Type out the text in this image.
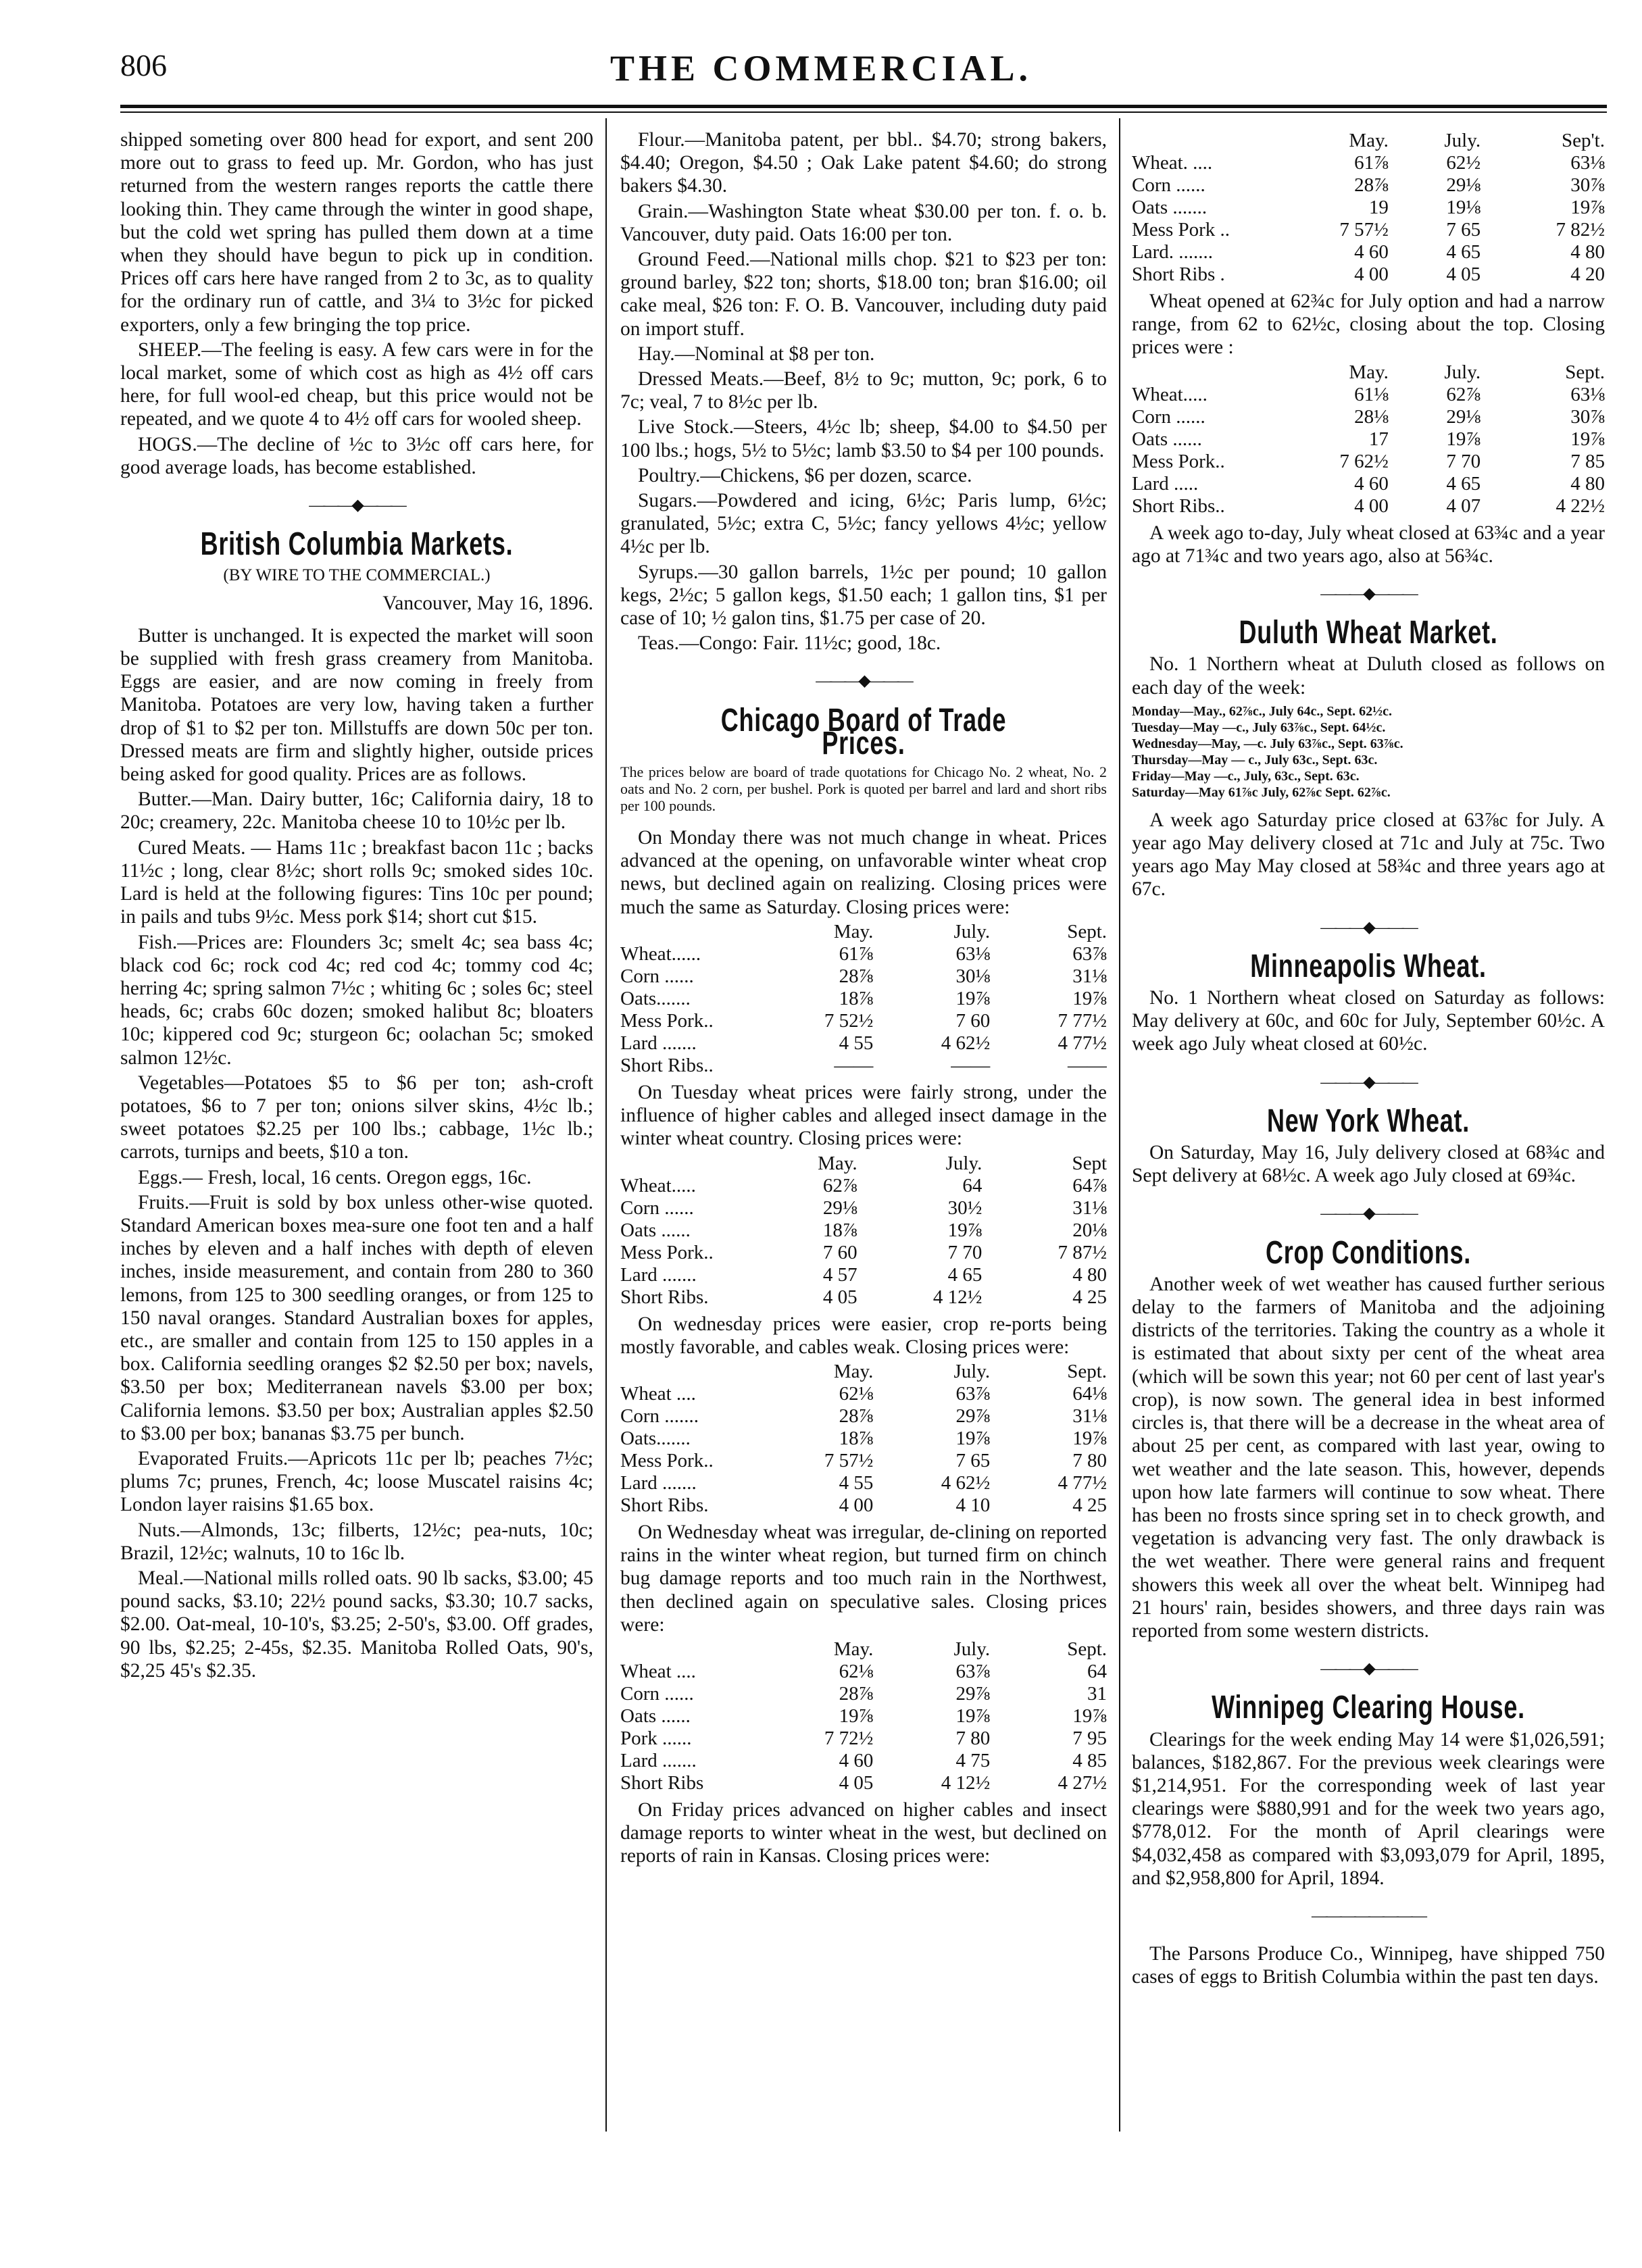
806	THE COMMERCIAL.

shipped someting over 800 head for export, and sent 200 more out to grass to feed up. Mr. Gordon, who has just returned from the western ranges reports the cattle there looking thin. They came through the winter in good shape, but the cold wet spring has pulled them down at a time when they should have begun to pick up in condition. Prices off cars here have ranged from 2 to 3c, as to quality for the ordinary run of cattle, and 3¼ to 3½c for picked exporters, only a few bringing the top price.

SHEEP.—The feeling is easy. A few cars were in for the local market, some of which cost as high as 4½ off cars here, for full wool-ed cheap, but this price would not be repeated, and we quote 4 to 4½ off cars for wooled sheep.

HOGS.—The decline of ½c to 3½c off cars here, for good average loads, has become established.

———◆———
British Columbia Markets.

(BY WIRE TO THE COMMERCIAL.)

Vancouver, May 16, 1896.

Butter is unchanged. It is expected the market will soon be supplied with fresh grass creamery from Manitoba. Eggs are easier, and are now coming in freely from Manitoba. Potatoes are very low, having taken a further drop of $1 to $2 per ton. Millstuffs are down 50c per ton. Dressed meats are firm and slightly higher, outside prices being asked for good quality. Prices are as follows.

Butter.—Man. Dairy butter, 16c; California dairy, 18 to 20c; creamery, 22c. Manitoba cheese 10 to 10½c per lb.

Cured Meats. — Hams 11c ; breakfast bacon 11c ; backs 11½c ; long, clear 8½c; short rolls 9c; smoked sides 10c. Lard is held at the following figures: Tins 10c per pound; in pails and tubs 9½c. Mess pork $14; short cut $15.

Fish.—Prices are: Flounders 3c; smelt 4c; sea bass 4c; black cod 6c; rock cod 4c; red cod 4c; tommy cod 4c; herring 4c; spring salmon 7½c ; whiting 6c ; soles 6c; steel heads, 6c; crabs 60c dozen; smoked halibut 8c; bloaters 10c; kippered cod 9c; sturgeon 6c; oolachan 5c; smoked salmon 12½c.

Vegetables—Potatoes $5 to $6 per ton; ash-croft potatoes, $6 to 7 per ton; onions silver skins, 4½c lb.; sweet potatoes $2.25 per 100 lbs.; cabbage, 1½c lb.; carrots, turnips and beets, $10 a ton.

Eggs.— Fresh, local, 16 cents. Oregon eggs, 16c.

Fruits.—Fruit is sold by box unless other-wise quoted. Standard American boxes mea-sure one foot ten and a half inches by eleven and a half inches with depth of eleven inches, inside measurement, and contain from 280 to 360 lemons, from 125 to 300 seedling oranges, or from 125 to 150 naval oranges. Standard Australian boxes for apples, etc., are smaller and contain from 125 to 150 apples in a box. California seedling oranges $2 $2.50 per box; navels, $3.50 per box; Mediterranean navels $3.00 per box; California lemons. $3.50 per box; Australian apples $2.50 to $3.00 per box; bananas $3.75 per bunch.

Evaporated Fruits.—Apricots 11c per lb; peaches 7½c; plums 7c; prunes, French, 4c; loose Muscatel raisins 4c; London layer raisins $1.65 box.

Nuts.—Almonds, 13c; filberts, 12½c; pea-nuts, 10c; Brazil, 12½c; walnuts, 10 to 16c lb.

Meal.—National mills rolled oats. 90 lb sacks, $3.00; 45 pound sacks, $3.10; 22½ pound sacks, $3.30; 10.7 sacks, $2.00. Oat-meal, 10-10's, $3.25; 2-50's, $3.00. Off grades, 90 lbs, $2.25; 2-45s, $2.35. Manitoba Rolled Oats, 90's, $2,25 45's $2.35.

Flour.—Manitoba patent, per bbl.. $4.70; strong bakers, $4.40; Oregon, $4.50 ; Oak Lake patent $4.60; do strong bakers $4.30.

Grain.—Washington State wheat $30.00 per ton. f. o. b. Vancouver, duty paid. Oats 16:00 per ton.

Ground Feed.—National mills chop. $21 to $23 per ton: ground barley, $22 ton; shorts, $18.00 ton; bran $16.00; oil cake meal, $26 ton: F. O. B. Vancouver, including duty paid on import stuff.

Hay.—Nominal at $8 per ton.

Dressed Meats.—Beef, 8½ to 9c; mutton, 9c; pork, 6 to 7c; veal, 7 to 8½c per lb.

Live Stock.—Steers, 4½c lb; sheep, $4.00 to $4.50 per 100 lbs.; hogs, 5½ to 5½c; lamb $3.50 to $4 per 100 pounds.

Poultry.—Chickens, $6 per dozen, scarce.

Sugars.—Powdered and icing, 6½c; Paris lump, 6½c; granulated, 5½c; extra C, 5½c; fancy yellows 4½c; yellow 4½c per lb.

Syrups.—30 gallon barrels, 1½c per pound; 10 gallon kegs, 2½c; 5 gallon kegs, $1.50 each; 1 gallon tins, $1 per case of 10; ½ galon tins, $1.75 per case of 20.

Teas.—Congo: Fair. 11½c; good, 18c.

———◆———
Chicago Board of Trade Prices.

The prices below are board of trade quotations for Chicago No. 2 wheat, No. 2 oats and No. 2 corn, per bushel. Pork is quoted per barrel and lard and short ribs per 100 pounds.

On Monday there was not much change in wheat. Prices advanced at the opening, on unfavorable winter wheat crop news, but declined again on realizing. Closing prices were much the same as Saturday. Closing prices were:

	May.	July.	Sept.
Wheat......	61⅞	63⅛	63⅞
Corn ......	28⅞	30⅛	31⅛
Oats.......	18⅞	19⅞	19⅞
Mess Pork..	7 52½	7 60	7 77½
Lard .......	4 55	4 62½	4 77½
Short Ribs..	——	——	——

On Tuesday wheat prices were fairly strong, under the influence of higher cables and alleged insect damage in the winter wheat country. Closing prices were:

	May.	July.	Sept
Wheat.....	62⅞	64	64⅞
Corn ......	29⅛	30½	31⅛
Oats ......	18⅞	19⅞	20⅛
Mess Pork..	7 60	7 70	7 87½
Lard .......	4 57	4 65	4 80
Short Ribs.	4 05	4 12½	4 25

On wednesday prices were easier, crop re-ports being mostly favorable, and cables weak. Closing prices were:

	May.	July.	Sept.
Wheat ....	62⅛	63⅞	64⅛
Corn .......	28⅞	29⅞	31⅛
Oats.......	18⅞	19⅞	19⅞
Mess Pork..	7 57½	7 65	7 80
Lard .......	4 55	4 62½	4 77½
Short Ribs.	4 00	4 10	4 25

On Wednesday wheat was irregular, de-clining on reported rains in the winter wheat region, but turned firm on chinch bug damage reports and too much rain in the Northwest, then declined again on speculative sales. Closing prices were:

	May.	July.	Sept.
Wheat ....	62⅛	63⅞	64
Corn ......	28⅞	29⅞	31
Oats ......	19⅞	19⅞	19⅞
Pork ......	7 72½	7 80	7 95
Lard .......	4 60	4 75	4 85
Short Ribs	4 05	4 12½	4 27½

On Friday prices advanced on higher cables and insect damage reports to winter wheat in the west, but declined on reports of rain in Kansas. Closing prices were:

	May.	July.	Sep't.
Wheat. ....	61⅞	62½	63⅛
Corn ......	28⅞	29⅛	30⅞
Oats .......	19	19⅛	19⅞
Mess Pork ..	7 57½	7 65	7 82½
Lard. .......	4 60	4 65	4 80
Short Ribs .	4 00	4 05	4 20

Wheat opened at 62¾c for July option and had a narrow range, from 62 to 62½c, closing about the top. Closing prices were :

	May.	July.	Sept.
Wheat.....	61⅛	62⅞	63⅛
Corn ......	28⅛	29⅛	30⅞
Oats ......	17	19⅞	19⅞
Mess Pork..	7 62½	7 70	7 85
Lard .....	4 60	4 65	4 80
Short Ribs..	4 00	4 07	4 22½

A week ago to-day, July wheat closed at 63¾c and a year ago at 71¾c and two years ago, also at 56¾c.

———◆———
Duluth Wheat Market.

No. 1 Northern wheat at Duluth closed as follows on each day of the week:

Monday—May., 62⅞c., July 64c., Sept. 62½c.
Tuesday—May —c., July 63⅞c., Sept. 64½c.
Wednesday—May, —c. July 63⅞c., Sept. 63⅞c.
Thursday—May — c., July 63c., Sept. 63c.
Friday—May —c., July, 63c., Sept. 63c.
Saturday—May 61⅞c July, 62⅞c Sept. 62⅞c.

A week ago Saturday price closed at 63⅞c for July. A year ago May delivery closed at 71c and July at 75c. Two years ago May May closed at 58¾c and three years ago at 67c.

———◆———
Minneapolis Wheat.

No. 1 Northern wheat closed on Saturday as follows: May delivery at 60c, and 60c for July, September 60½c. A week ago July wheat closed at 60½c.

———◆———
New York Wheat.

On Saturday, May 16, July delivery closed at 68¾c and Sept delivery at 68½c. A week ago July closed at 69¾c.

———◆———
Crop Conditions.

Another week of wet weather has caused further serious delay to the farmers of Manitoba and the adjoining districts of the territories. Taking the country as a whole it is estimated that about sixty per cent of the wheat area (which will be sown this year; not 60 per cent of last year's crop), is now sown. The general idea in best informed circles is, that there will be a decrease in the wheat area of about 25 per cent, as compared with last year, owing to wet weather and the late season. This, however, depends upon how late farmers will continue to sow wheat. There has been no frosts since spring set in to check growth, and vegetation is advancing very fast. The only drawback is the wet weather. There were general rains and frequent showers this week all over the wheat belt. Winnipeg had 21 hours' rain, besides showers, and three days rain was reported from some western districts.

———◆———
Winnipeg Clearing House.

Clearings for the week ending May 14 were $1,026,591; balances, $182,867. For the previous week clearings were $1,214,951. For the corresponding week of last year clearings were $880,991 and for the week two years ago, $778,012. For the month of April clearings were $4,032,458 as compared with $3,093,079 for April, 1895, and $2,958,800 for April, 1894.

————————

The Parsons Produce Co., Winnipeg, have shipped 750 cases of eggs to British Columbia within the past ten days.
